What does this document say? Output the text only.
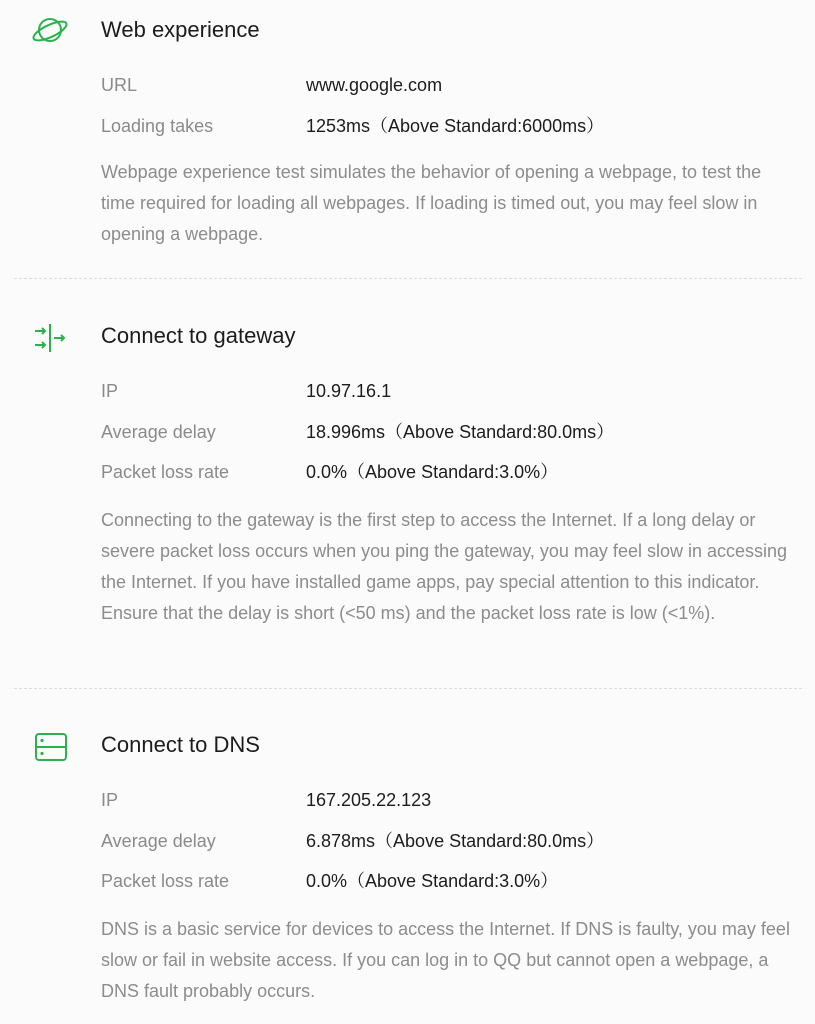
Web experience
URL	www.google.com
Loading takes	1253ms（Above Standard:6000ms）

Webpage experience test simulates the behavior of opening a webpage, to test the time required for loading all webpages. If loading is timed out, you may feel slow in opening a webpage.

Connect to gateway
IP	10.97.16.1
Average delay	18.996ms（Above Standard:80.0ms）
Packet loss rate	0.0%（Above Standard:3.0%）

Connecting to the gateway is the first step to access the Internet. If a long delay or severe packet loss occurs when you ping the gateway, you may feel slow in accessing the Internet. If you have installed game apps, pay special attention to this indicator. Ensure that the delay is short (<50 ms) and the packet loss rate is low (<1%).

Connect to DNS
IP	167.205.22.123
Average delay	6.878ms（Above Standard:80.0ms）
Packet loss rate	0.0%（Above Standard:3.0%）

DNS is a basic service for devices to access the Internet. If DNS is faulty, you may feel slow or fail in website access. If you can log in to QQ but cannot open a webpage, a DNS fault probably occurs.
